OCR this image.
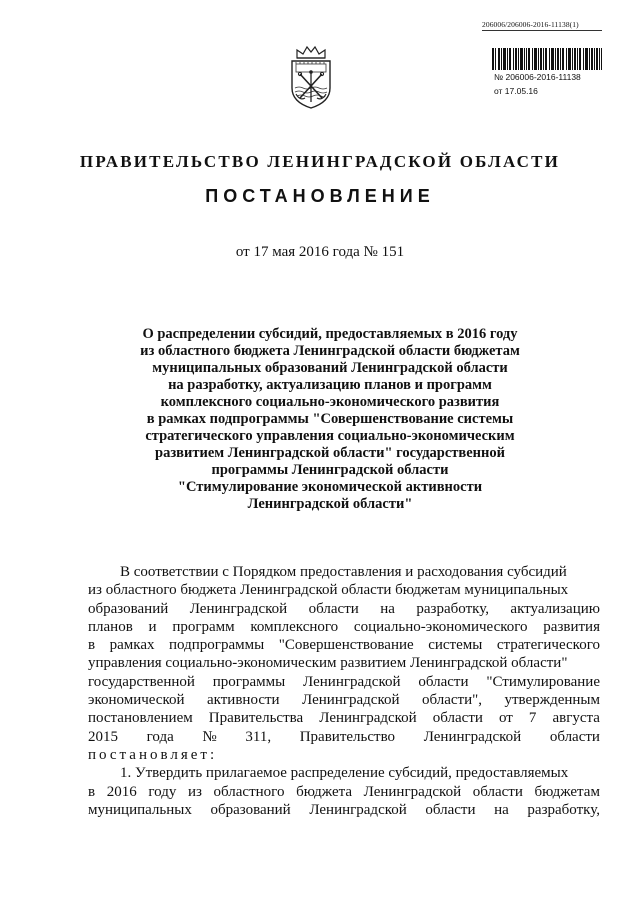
206006/206006-2016-11138(1)
№ 206006-2016-11138
от 17.05.16
ПРАВИТЕЛЬСТВО ЛЕНИНГРАДСКОЙ ОБЛАСТИ
ПОСТАНОВЛЕНИЕ
от 17 мая 2016 года № 151
О распределении субсидий, предоставляемых в 2016 году
из областного бюджета Ленинградской области бюджетам
муниципальных образований Ленинградской области
на разработку, актуализацию планов и программ
комплексного социально-экономического развития
в рамках подпрограммы "Совершенствование системы
стратегического управления социально-экономическим
развитием Ленинградской области" государственной
программы Ленинградской области
"Стимулирование экономической активности
Ленинградской области"
В соответствии с Порядком предоставления и расходования субсидий
из областного бюджета Ленинградской области бюджетам муниципальных
образований Ленинградской области на разработку, актуализацию
планов и программ комплексного социально-экономического развития
в рамках подпрограммы "Совершенствование системы стратегического
управления социально-экономическим развитием Ленинградской области"
государственной программы Ленинградской области "Стимулирование
экономической активности Ленинградской области", утвержденным
постановлением Правительства Ленинградской области от 7 августа
2015 года № 311, Правительство Ленинградской области
постановляет:
1. Утвердить прилагаемое распределение субсидий, предоставляемых
в 2016 году из областного бюджета Ленинградской области бюджетам
муниципальных образований Ленинградской области на разработку,
